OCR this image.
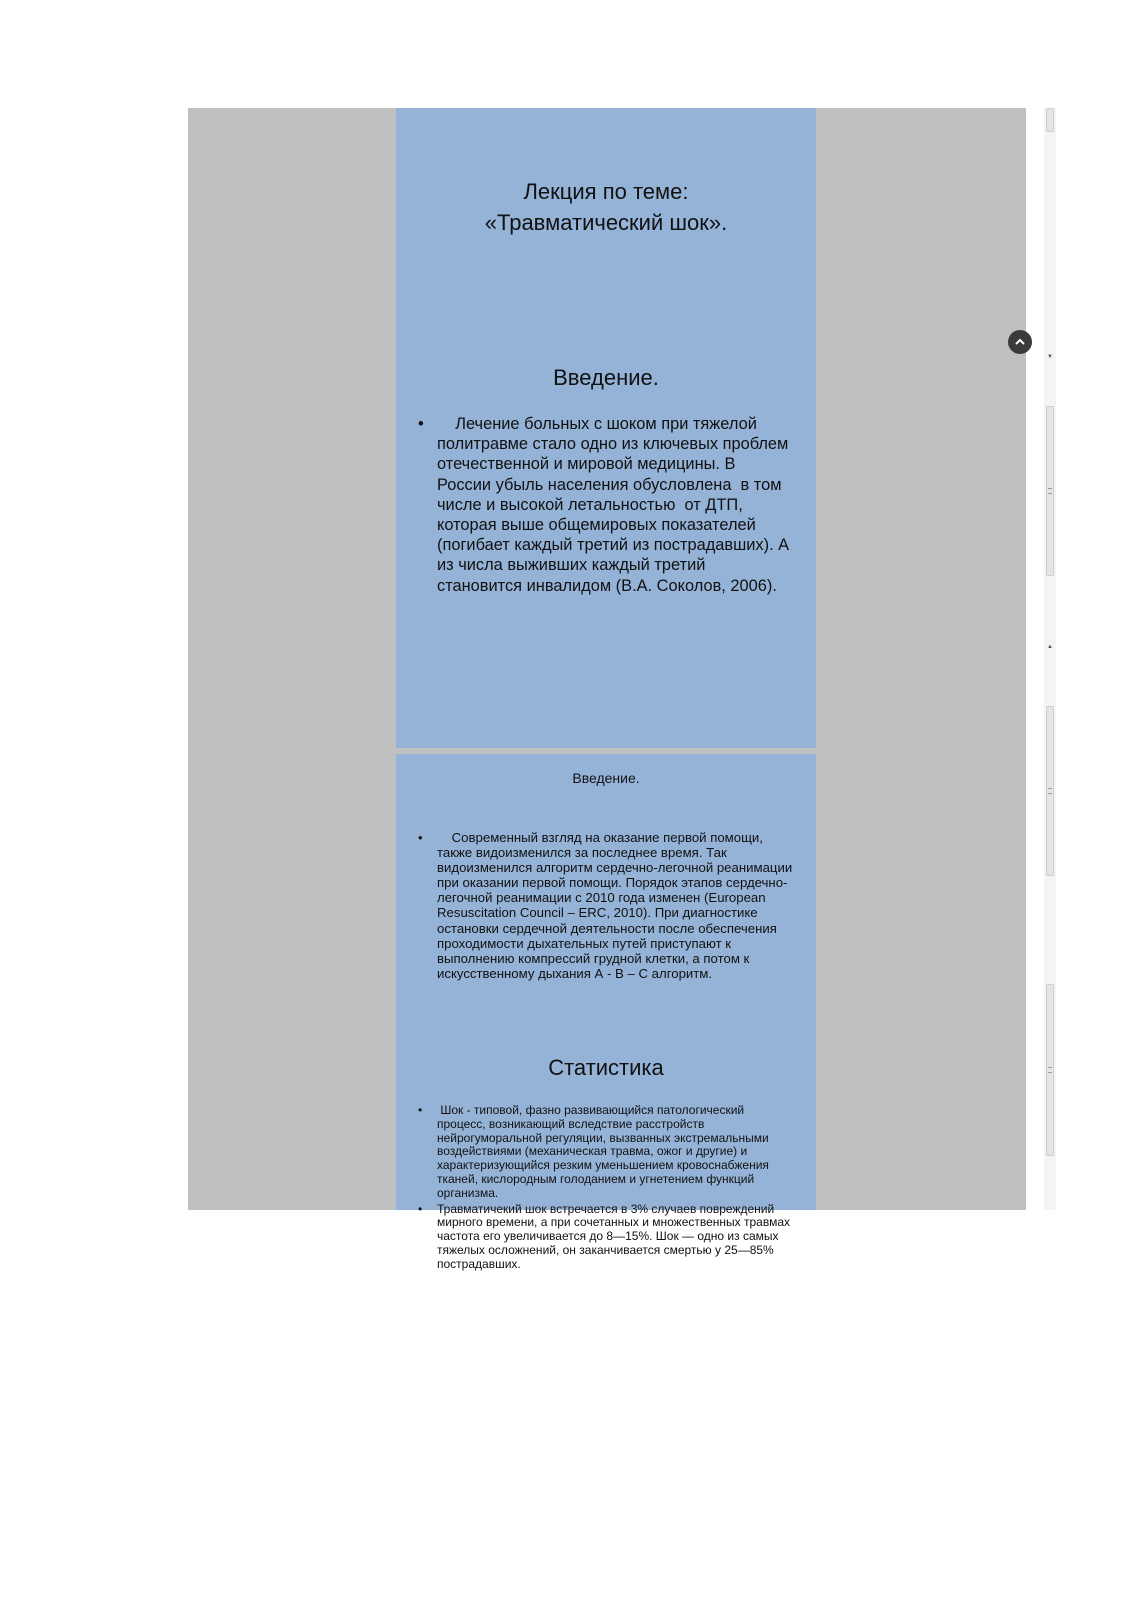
Лекция по теме:
«Травматический шок».
Введение.
• Лечение больных с шоком при тяжелой политравме стало одно из ключевых проблем отечественной и мировой медицины. В России убыль населения обусловлена  в том числе и высокой летальностью  от ДТП, которая выше общемировых показателей (погибает каждый третий из пострадавших). А из числа выживших каждый третий становится инвалидом (В.А. Соколов, 2006).
Введение.
• Современный взгляд на оказание первой помощи, также видоизменился за последнее время. Так видоизменился алгоритм сердечно-легочной реанимации  при оказании первой помощи. Порядок этапов сердечно-легочной реанимации с 2010 года изменен (European Resuscitation Council – ERC, 2010). При диагностике остановки сердечной деятельности после обеспечения проходимости дыхательных путей приступают к выполнению компрессий грудной клетки, а потом к искусственному дыхания А - В – С алгоритм.
Статистика
• Шок - типовой, фазно развивающийся патологический процесс, возникающий вследствие расстройств нейрогуморальной регуляции, вызванных экстремальными воздействиями (механическая травма, ожог и другие) и характеризующийся резким уменьшением кровоснабжения тканей, кислородным голоданием и угнетением функций организма.
• Травматичекий шок встречается в 3% случаев повреждений мирного времени, а при сочетанных и множественных травмах частота его увеличивается до 8—15%. Шок — одно из самых тяжелых осложнений, он заканчивается смертью у 25—85% пострадавших.
▼
▲
